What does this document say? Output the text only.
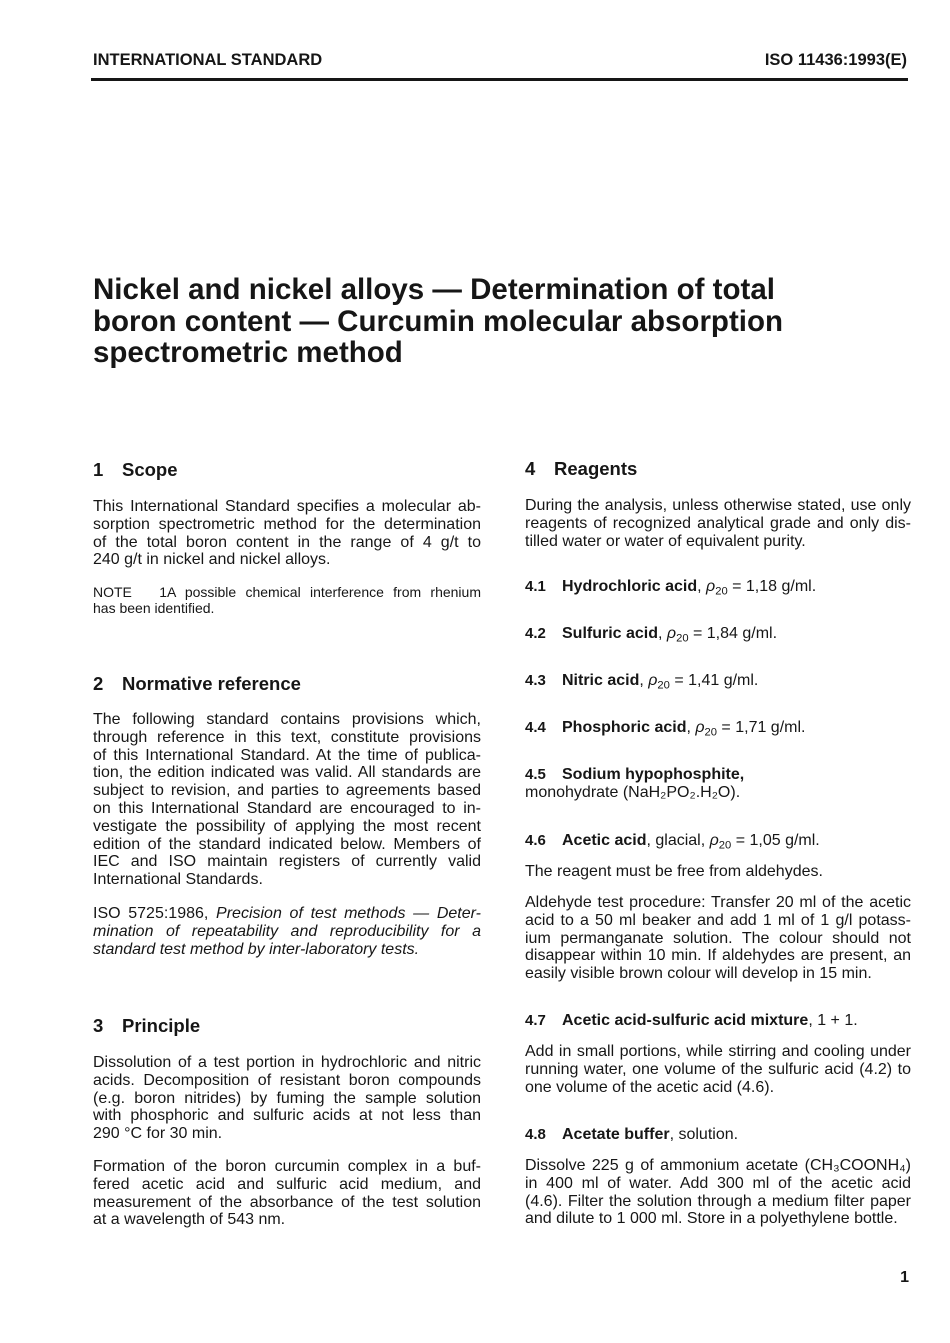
INTERNATIONAL STANDARD	ISO 11436:1993(E)
Nickel and nickel alloys — Determination of total
boron content — Curcumin molecular absorption
spectrometric method
1 Scope
This International Standard specifies a molecular ab-
sorption spectrometric method for the determination
of the total boron content in the range of 4 g/t to
240 g/t in nickel and nickel alloys.
NOTE 1A possible chemical interference from rhenium
has been identified.
2 Normative reference
The following standard contains provisions which,
through reference in this text, constitute provisions
of this International Standard. At the time of publica-
tion, the edition indicated was valid. All standards are
subject to revision, and parties to agreements based
on this International Standard are encouraged to in-
vestigate the possibility of applying the most recent
edition of the standard indicated below. Members of
IEC and ISO maintain registers of currently valid
International Standards.
ISO 5725:1986, Precision of test methods — Deter-
mination of repeatability and reproducibility for a
standard test method by inter-laboratory tests.
3 Principle
Dissolution of a test portion in hydrochloric and nitric
acids. Decomposition of resistant boron compounds
(e.g. boron nitrides) by fuming the sample solution
with phosphoric and sulfuric acids at not less than
290 °C for 30 min.
Formation of the boron curcumin complex in a buf-
fered acetic acid and sulfuric acid medium, and
measurement of the absorbance of the test solution
at a wavelength of 543 nm.
4 Reagents
During the analysis, unless otherwise stated, use only
reagents of recognized analytical grade and only dis-
tilled water or water of equivalent purity.
4.1 Hydrochloric acid, $\rho_{20} = 1,18$ g/ml.
4.2 Sulfuric acid, $\rho_{20} = 1,84$ g/ml.
4.3 Nitric acid, $\rho_{20} = 1,41$ g/ml.
4.4 Phosphoric acid, $\rho_{20} = 1,71$ g/ml.
4.5 Sodium hypophosphite,
monohydrate (NaH₂PO₂.H₂O).
4.6 Acetic acid, glacial, $\rho_{20} = 1,05$ g/ml.
The reagent must be free from aldehydes.
Aldehyde test procedure: Transfer 20 ml of the acetic
acid to a 50 ml beaker and add 1 ml of 1 g/l potass-
ium permanganate solution. The colour should not
disappear within 10 min. If aldehydes are present, an
easily visible brown colour will develop in 15 min.
4.7 Acetic acid-sulfuric acid mixture, 1 + 1.
Add in small portions, while stirring and cooling under
running water, one volume of the sulfuric acid (4.2) to
one volume of the acetic acid (4.6).
4.8 Acetate buffer, solution.
Dissolve 225 g of ammonium acetate (CH₃COONH₄)
in 400 ml of water. Add 300 ml of the acetic acid
(4.6). Filter the solution through a medium filter paper
and dilute to 1 000 ml. Store in a polyethylene bottle.
1
